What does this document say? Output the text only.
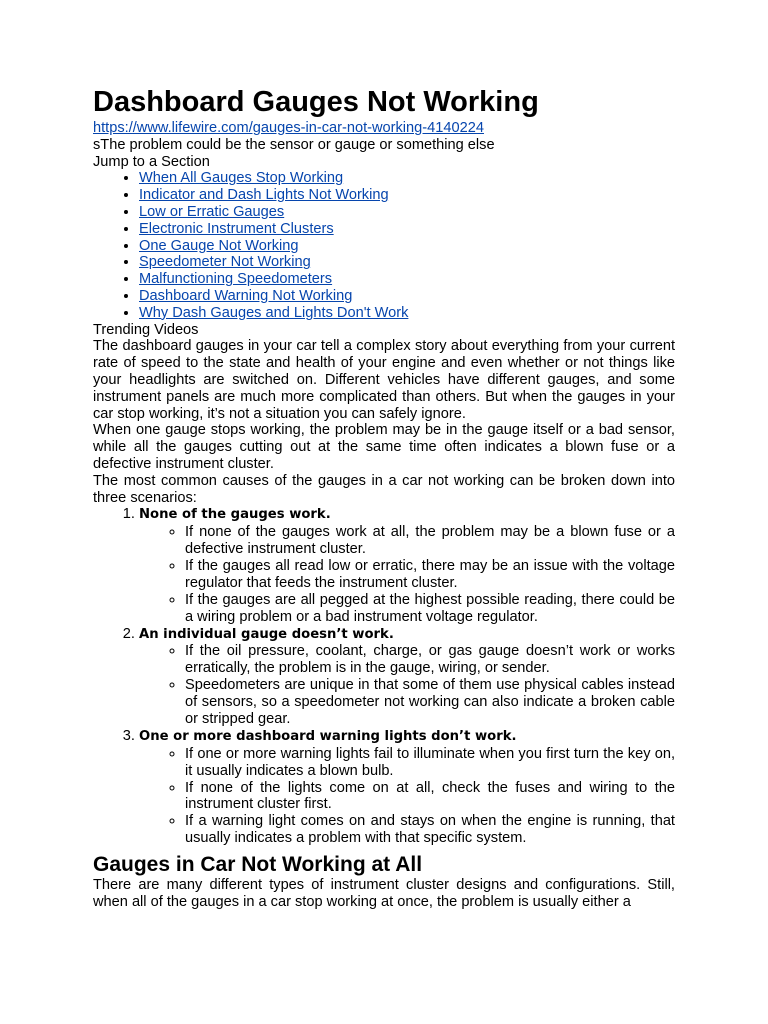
Dashboard Gauges Not Working
https://www.lifewire.com/gauges-in-car-not-working-4140224

sThe problem could be the sensor or gauge or something else

Jump to a Section

• When All Gauges Stop Working
• Indicator and Dash Lights Not Working
• Low or Erratic Gauges
• Electronic Instrument Clusters
• One Gauge Not Working
• Speedometer Not Working
• Malfunctioning Speedometers
• Dashboard Warning Not Working
• Why Dash Gauges and Lights Don't Work

Trending Videos

The dashboard gauges in your car tell a complex story about everything from your current rate of speed to the state and health of your engine and even whether or not things like your headlights are switched on. Different vehicles have different gauges, and some instrument panels are much more complicated than others. But when the gauges in your car stop working, it’s not a situation you can safely ignore.

When one gauge stops working, the problem may be in the gauge itself or a bad sensor, while all the gauges cutting out at the same time often indicates a blown fuse or a defective instrument cluster.

The most common causes of the gauges in a car not working can be broken down into three scenarios:

1. None of the gauges work.
◦ If none of the gauges work at all, the problem may be a blown fuse or a defective instrument cluster.
◦ If the gauges all read low or erratic, there may be an issue with the voltage regulator that feeds the instrument cluster.
◦ If the gauges are all pegged at the highest possible reading, there could be a wiring problem or a bad instrument voltage regulator.
2. An individual gauge doesn’t work.
◦ If the oil pressure, coolant, charge, or gas gauge doesn’t work or works erratically, the problem is in the gauge, wiring, or sender.
◦ Speedometers are unique in that some of them use physical cables instead of sensors, so a speedometer not working can also indicate a broken cable or stripped gear.
3. One or more dashboard warning lights don’t work.
◦ If one or more warning lights fail to illuminate when you first turn the key on, it usually indicates a blown bulb.
◦ If none of the lights come on at all, check the fuses and wiring to the instrument cluster first.
◦ If a warning light comes on and stays on when the engine is running, that usually indicates a problem with that specific system.
Gauges in Car Not Working at All

There are many different types of instrument cluster designs and configurations. Still, when all of the gauges in a car stop working at once, the problem is usually either a
